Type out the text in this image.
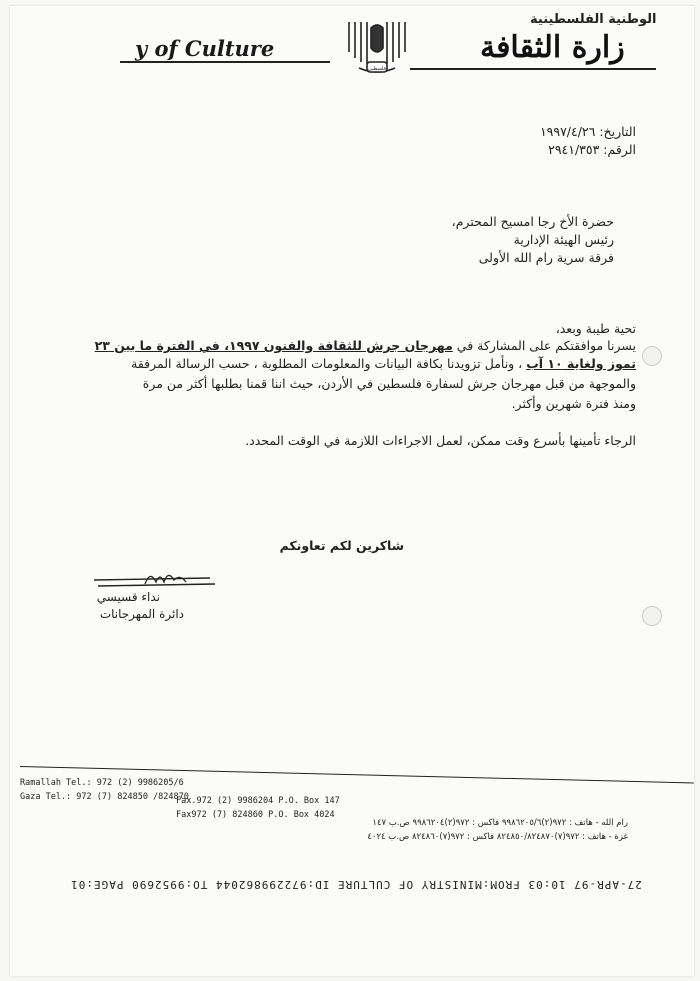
y of Culture
فلسطين
الوطنية الفلسطينية
زارة الثقافة
التاريخ: ١٩٩٧/٤/٢٦
الرقم: ٢٩٤١/٣٥٣
حضرة الأخ رجا امسيح المحترم،
رئيس الهيئة الإدارية
فرقة سرية رام الله الأولى
تحية طيبة وبعد،
يسرنا موافقتكم على المشاركة في مهرجان جرش للثقافة والفنون ١٩٩٧، في الفترة ما بين ٢٣
تموز ولغاية ١٠ آب ، ونأمل تزويدنا بكافة البيانات والمعلومات المطلوبة ، حسب الرسالة المرفقة
والموجهة من قبل مهرجان جرش لسفارة فلسطين في الأردن، حيث اننا قمنا بطلبها أكثر من مرة
ومنذ فترة شهرين وأكثر.
الرجاء تأمينها بأسرع وقت ممكن، لعمل الاجراءات اللازمة في الوقت المحدد.
شاكرين لكم تعاونكم
نداء قسيسي
دائرة المهرجانات
Ramallah Tel.: 972 (2) 9986205/6
Gaza Tel.: 972 (7) 824850 /824870
Fax.972 (2) 9986204 P.O. Box 147
Fax972 (7) 824860 P.O. Box 4024
رام الله - هاتف : ٩٧٢(٢)٩٩٨٦٢٠٥/٦ فاكس : ٩٧٢(٢)٩٩٨٦٢٠٤ ص.ب ١٤٧
غزة - هاتف : ٩٧٢(٧)٨٢٤٨٥٠/٨٢٤٨٧٠ فاكس : ٩٧٢(٧)٨٢٤٨٦٠ ص.ب ٤٠٢٤
27-APR-97 10:03 FROM:MINISTRY OF CULTURE ID:972299862044 TO:9952690 PAGE:01
